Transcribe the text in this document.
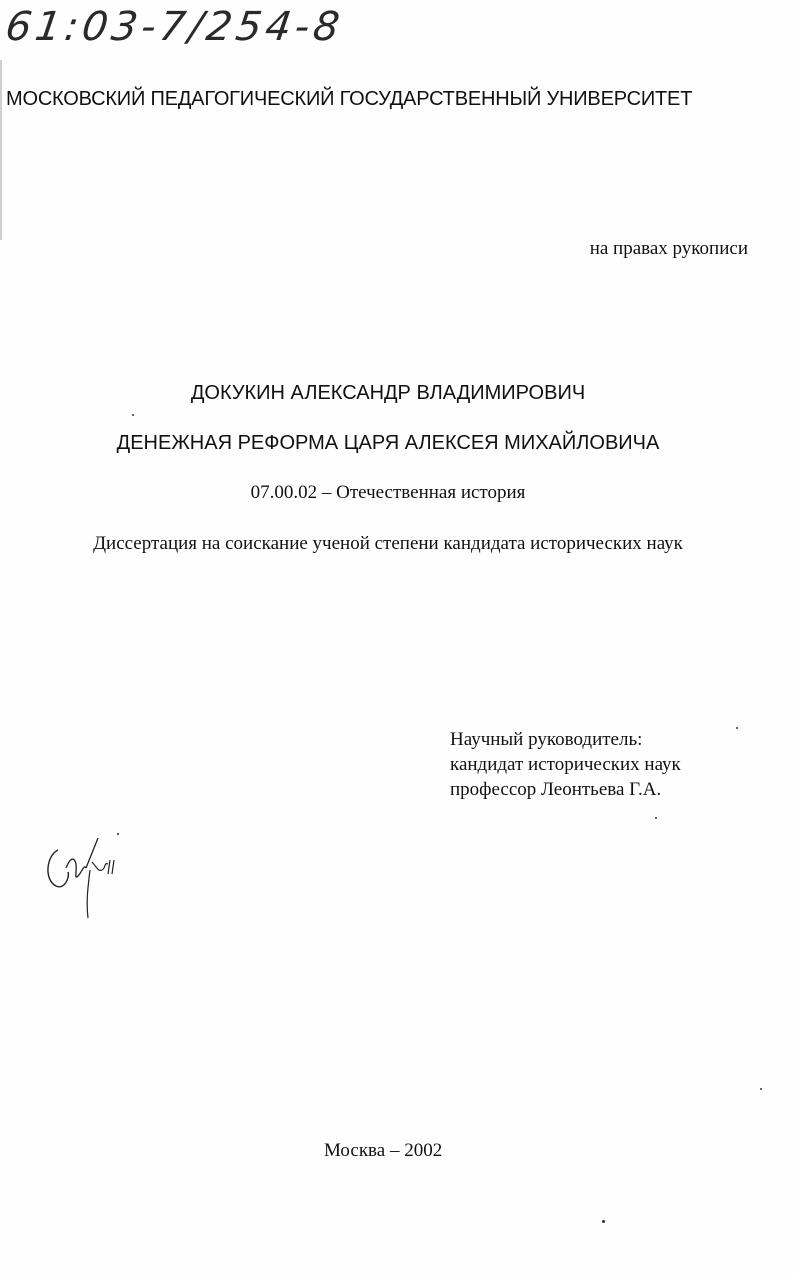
61:03-7/254-8
МОСКОВСКИЙ ПЕДАГОГИЧЕСКИЙ ГОСУДАРСТВЕННЫЙ УНИВЕРСИТЕТ
на правах рукописи
ДОКУКИН АЛЕКСАНДР ВЛАДИМИРОВИЧ
ДЕНЕЖНАЯ РЕФОРМА ЦАРЯ АЛЕКСЕЯ МИХАЙЛОВИЧА
07.00.02 – Отечественная история
Диссертация на соискание ученой степени кандидата исторических наук
Научный руководитель:
кандидат исторических наук
профессор Леонтьева Г.А.
Москва – 2002
